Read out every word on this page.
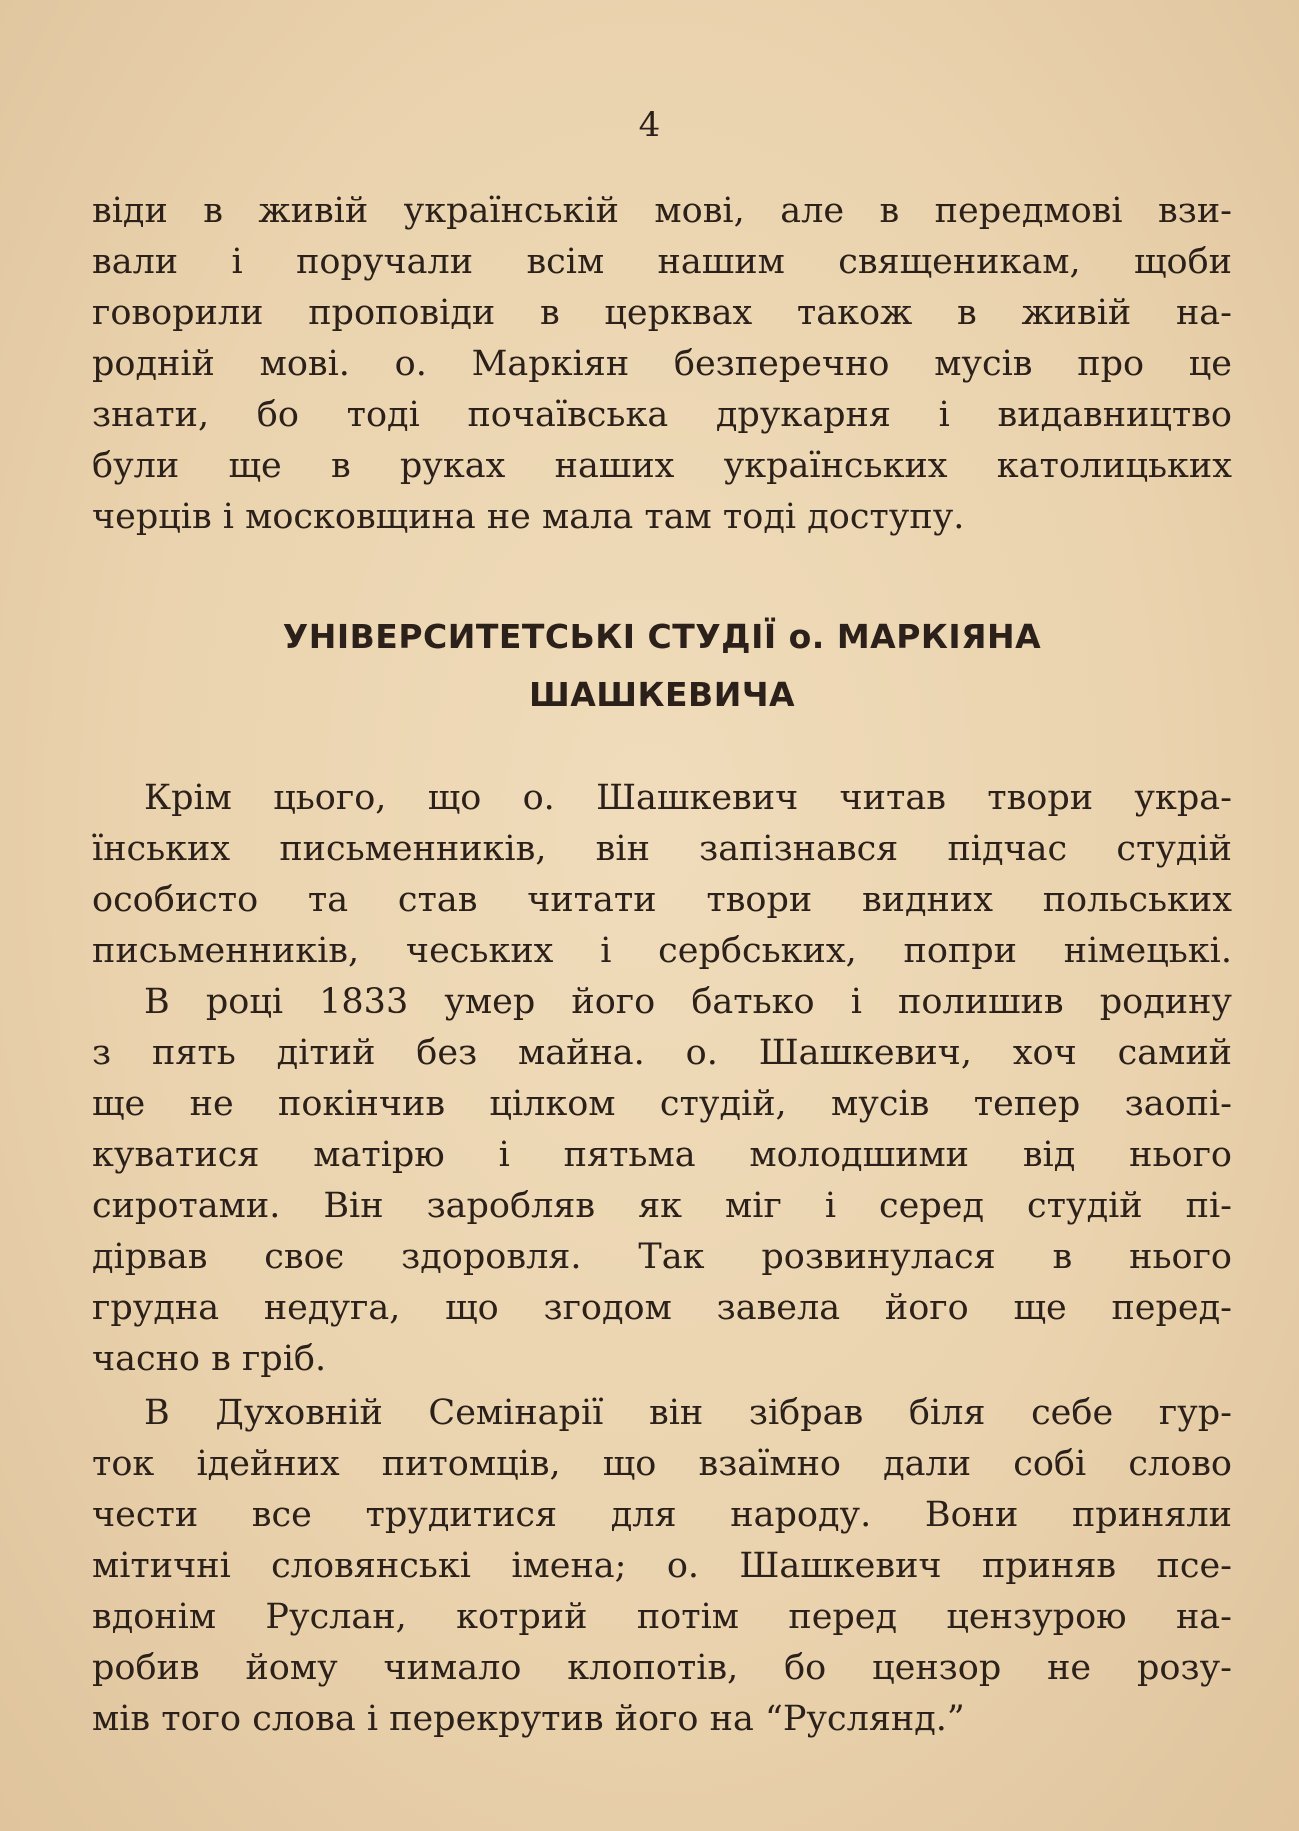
4
віди в живій українській мові, але в передмові взи-
вали і поручали всім нашим священикам, щоби
говорили проповіди в церквах також в живій на-
родній мові. о. Маркіян безперечно мусів про це
знати, бо тоді почаївська друкарня і видавництво
були ще в руках наших українських католицьких
черців і московщина не мала там тоді доступу.
УНІВЕРСИТЕТСЬКІ СТУДІЇ о. МАРКІЯНА
ШАШКЕВИЧА
Крім цього, що о. Шашкевич читав твори укра-
їнських письменників, він запізнався підчас студій
особисто та став читати твори видних польських
письменників, чеських і сербських, попри німецькі.
В році 1833 умер його батько і полишив родину
з пять дітий без майна. о. Шашкевич, хоч самий
ще не покінчив цілком студій, мусів тепер заопі-
куватися матірю і пятьма молодшими від нього
сиротами. Він заробляв як міг і серед студій пі-
дірвав своє здоровля. Так розвинулася в нього
грудна недуга, що згодом завела його ще перед-
часно в гріб.
В Духовній Семінарії він зібрав біля себе гур-
ток ідейних питомців, що взаїмно дали собі слово
чести все трудитися для народу. Вони приняли
мітичні словянські імена; о. Шашкевич приняв псе-
вдонім Руслан, котрий потім перед цензурою на-
робив йому чимало клопотів, бо цензор не розу-
мів того слова і перекрутив його на “Руслянд.”
